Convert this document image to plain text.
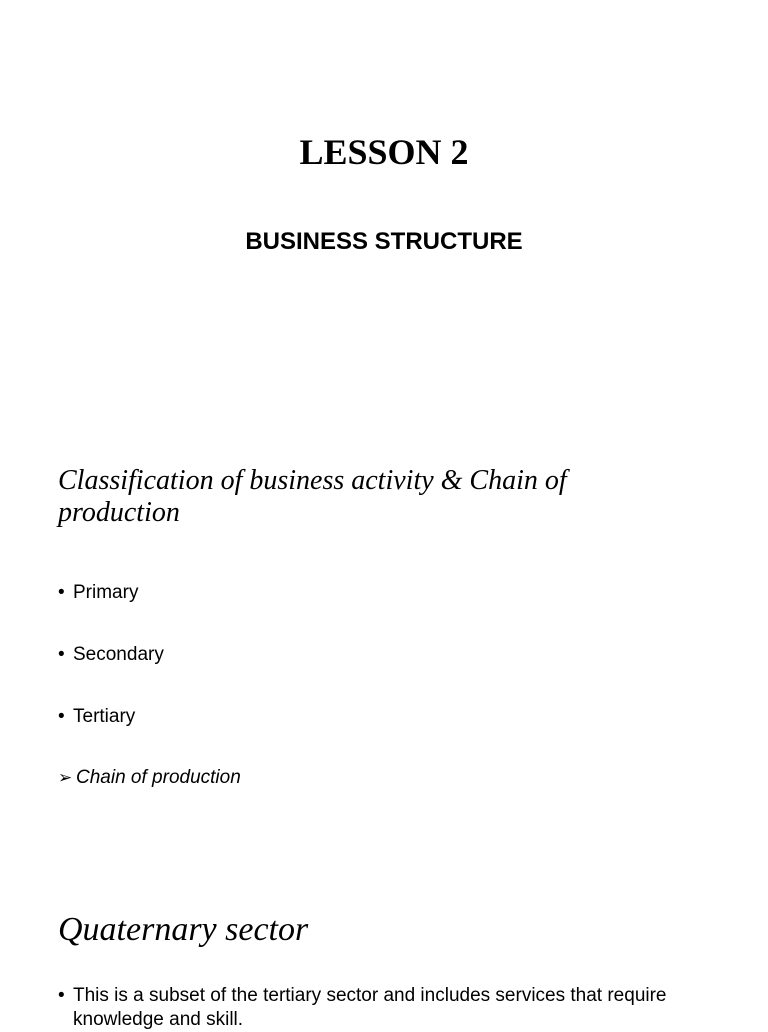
LESSON 2
BUSINESS STRUCTURE
Classification of business activity & Chain of production
• Primary
• Secondary
• Tertiary
➢ Chain of production
Quaternary sector
• This is a subset of the tertiary sector and includes services that require knowledge and skill.
